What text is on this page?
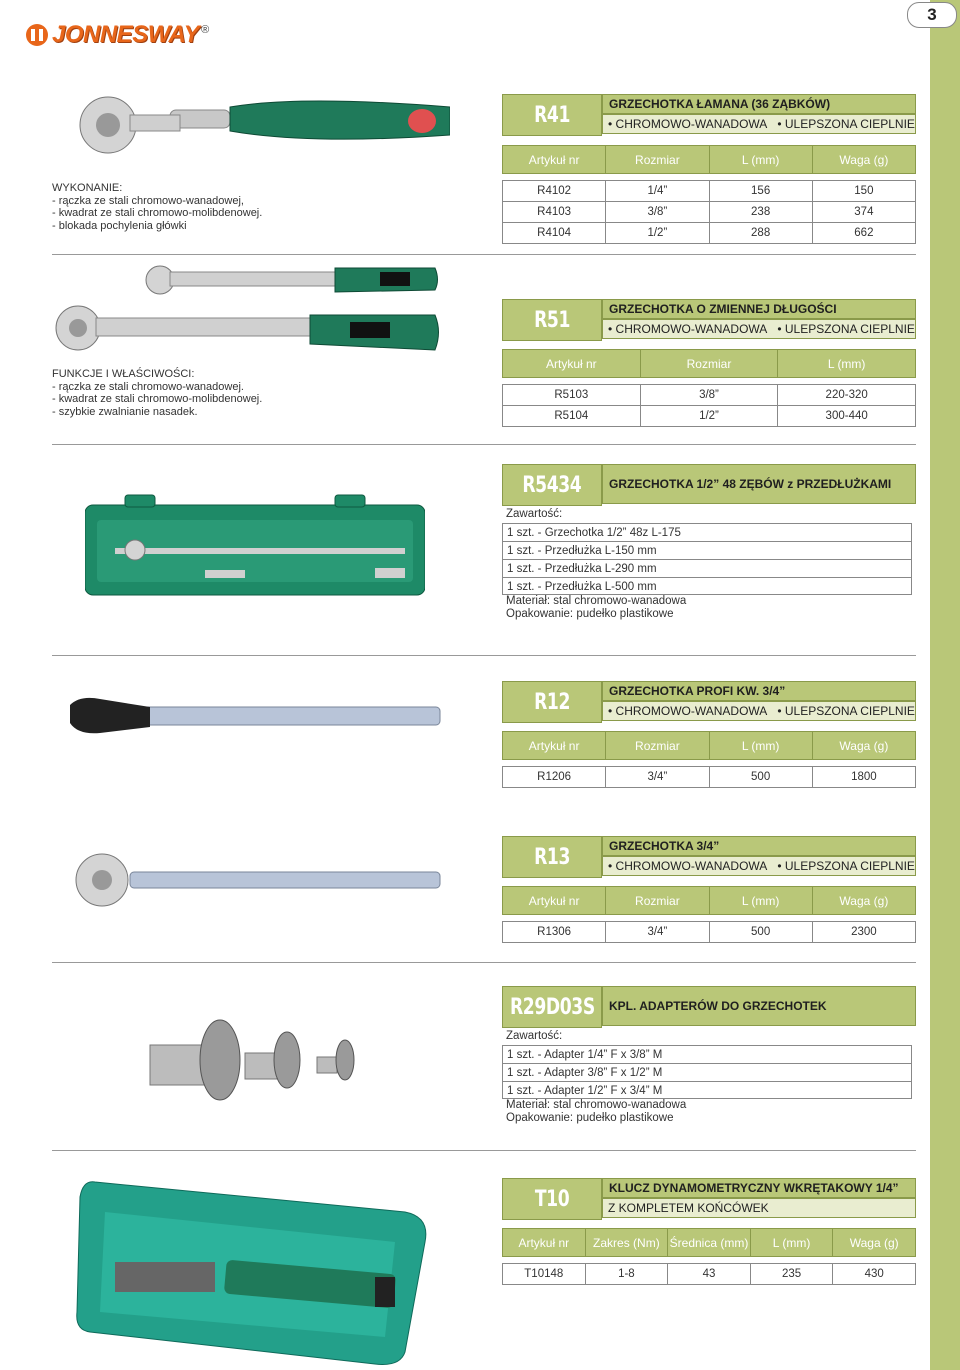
3
JONNESWAY ®
R41	GRZECHOTKA ŁAMANA (36 ZĄBKÓW)
• CHROMOWO-WANADOWA • ULEPSZONA CIEPLNIE
WYKONANIE:
- rączka ze stali chromowo-wanadowej,
- kwadrat ze stali chromowo-molibdenowej.
- blokada pochylenia główki
Artykuł nr	Rozmiar	L (mm)	Waga (g)

R4102	1/4”	156	150
R4103	3/8”	238	374
R4104	1/2”	288	662
R51	GRZECHOTKA O ZMIENNEJ DŁUGOŚCI
• CHROMOWO-WANADOWA • ULEPSZONA CIEPLNIE
FUNKCJE I WŁAŚCIWOŚCI:
- rączka ze stali chromowo-wanadowej.
- kwadrat ze stali chromowo-molibdenowej.
- szybkie zwalnianie nasadek.
Artykuł nr	Rozmiar	L (mm)

R5103	3/8”	220-320
R5104	1/2”	300-440
R5434	GRZECHOTKA 1/2” 48 ZĘBÓW z PRZEDŁUŻKAMI
Zawartość:
1 szt. - Grzechotka 1/2” 48z L-175
1 szt. - Przedłużka L-150 mm
1 szt. - Przedłużka L-290 mm
1 szt. - Przedłużka L-500 mm
Materiał: stal chromowo-wanadowa
Opakowanie: pudełko plastikowe
R12	GRZECHOTKA PROFI KW. 3/4”
• CHROMOWO-WANADOWA • ULEPSZONA CIEPLNIE
Artykuł nr	Rozmiar	L (mm)	Waga (g)

R1206	3/4”	500	1800
R13	GRZECHOTKA 3/4”
• CHROMOWO-WANADOWA • ULEPSZONA CIEPLNIE
Artykuł nr	Rozmiar	L (mm)	Waga (g)

R1306	3/4”	500	2300
R29D03S	KPL. ADAPTERÓW DO GRZECHOTEK
Zawartość:
1 szt. - Adapter 1/4” F x 3/8” M
1 szt. - Adapter 3/8” F x 1/2” M
1 szt. - Adapter 1/2” F x 3/4” M
Materiał: stal chromowo-wanadowa
Opakowanie: pudełko plastikowe
T10	KLUCZ DYNAMOMETRYCZNY WKRĘTAKOWY 1/4”
Z KOMPLETEM KOŃCÓWEK
Artykuł nr	Zakres (Nm)	Średnica (mm)	L (mm)	Waga (g)

T10148	1-8	43	235	430
